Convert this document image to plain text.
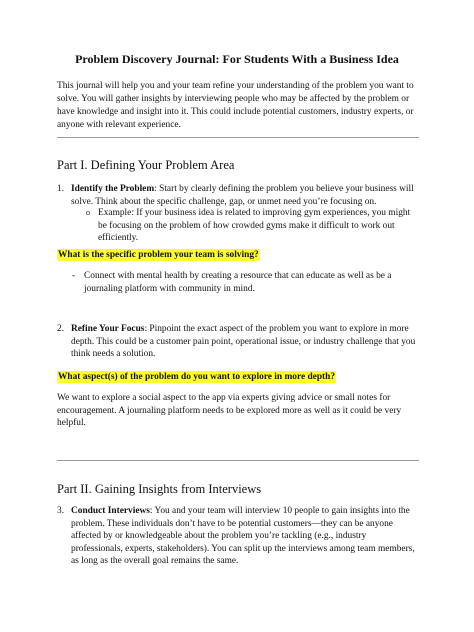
Problem Discovery Journal: For Students With a Business Idea
This journal will help you and your team refine your understanding of the problem you want to solve. You will gather insights by interviewing people who may be affected by the problem or have knowledge and insight into it. This could include potential customers, industry experts, or anyone with relevant experience.
Part I. Defining Your Problem Area
1. Identify the Problem: Start by clearly defining the problem you believe your business will solve. Think about the specific challenge, gap, or unmet need you’re focusing on.
o Example: If your business idea is related to improving gym experiences, you might be focusing on the problem of how crowded gyms make it difficult to work out efficiently.
What is the specific problem your team is solving?
- Connect with mental health by creating a resource that can educate as well as be a journaling platform with community in mind.
2. Refine Your Focus: Pinpoint the exact aspect of the problem you want to explore in more depth. This could be a customer pain point, operational issue, or industry challenge that you think needs a solution.
What aspect(s) of the problem do you want to explore in more depth?
We want to explore a social aspect to the app via experts giving advice or small notes for encouragement. A journaling platform needs to be explored more as well as it could be very helpful.
Part II. Gaining Insights from Interviews
3. Conduct Interviews: You and your team will interview 10 people to gain insights into the problem. These individuals don’t have to be potential customers—they can be anyone affected by or knowledgeable about the problem you’re tackling (e.g., industry professionals, experts, stakeholders). You can split up the interviews among team members, as long as the overall goal remains the same.
